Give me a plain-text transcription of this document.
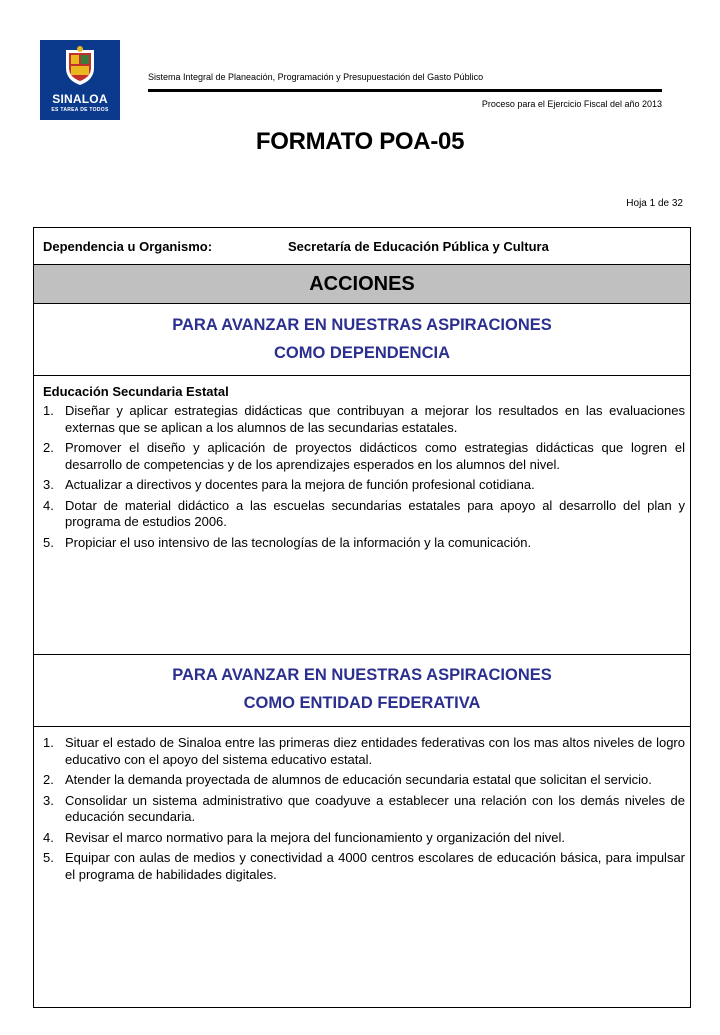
SINALOA
ES TAREA DE TODOS
Sistema Integral de Planeación, Programación y Presupuestación del Gasto Público
Proceso para el Ejercicio Fiscal del año 2013
FORMATO POA-05
Hoja 1 de 32
Dependencia u Organismo:	Secretaría de Educación Pública y Cultura
ACCIONES
PARA AVANZAR EN NUESTRAS ASPIRACIONES
COMO DEPENDENCIA
Educación Secundaria Estatal
1. Diseñar y aplicar estrategias didácticas que contribuyan a mejorar los resultados en las evaluaciones externas que se aplican a los alumnos de las secundarias estatales.
2. Promover el diseño y aplicación de proyectos didácticos como estrategias didácticas que logren el desarrollo de competencias y de los aprendizajes esperados en los alumnos del nivel.
3. Actualizar a directivos y docentes para la mejora de función profesional cotidiana.
4. Dotar de material didáctico a las escuelas secundarias estatales para apoyo al desarrollo del plan y programa de estudios 2006.
5. Propiciar el uso intensivo de las tecnologías de la información y la comunicación.
PARA AVANZAR EN NUESTRAS ASPIRACIONES
COMO ENTIDAD FEDERATIVA
1. Situar el estado de Sinaloa entre las primeras diez entidades federativas con los mas altos niveles de logro educativo con el apoyo del sistema educativo estatal.
2. Atender la demanda proyectada de alumnos de educación secundaria estatal que solicitan el servicio.
3. Consolidar un sistema administrativo que coadyuve a establecer una relación con los demás niveles de educación secundaria.
4. Revisar el marco normativo para la mejora del funcionamiento y organización del nivel.
5. Equipar con aulas de medios y conectividad a 4000 centros escolares de educación básica, para impulsar el programa de habilidades digitales.
